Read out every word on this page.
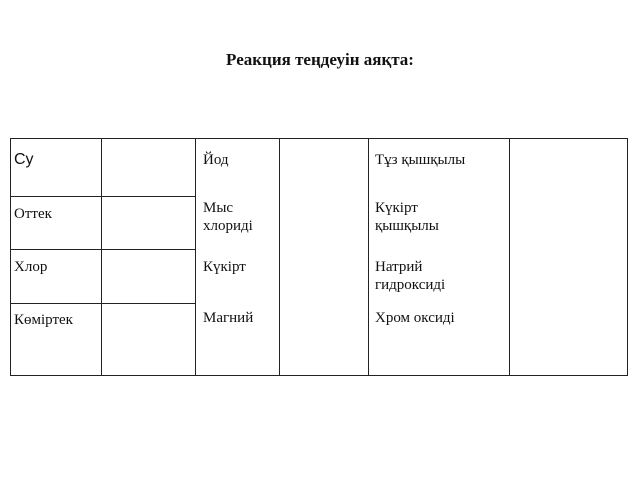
Реакция теңдеуін аяқта:
Су
Оттек
Хлор
Көміртек
Йод
Мыс хлориді
Күкірт
Магний
Тұз қышқылы
Күкірт қышқылы
Натрий гидроксиді
Хром оксиді
